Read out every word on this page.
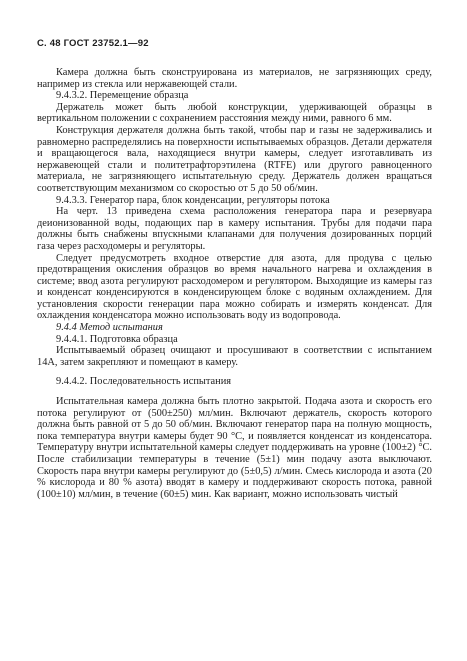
С. 48 ГОСТ 23752.1—92

Камера должна быть сконструирована из материалов, не загрязняющих среду, например из стекла или нержавеющей стали.

9.4.3.2. Перемещение образца

Держатель может быть любой конструкции, удерживающей образцы в вертикальном положении с сохранением расстояния между ними, равного 6 мм.

Конструкция держателя должна быть такой, чтобы пар и газы не задерживались и равномерно распределялись на поверхности испытываемых образцов. Детали держателя и вращающегося вала, находящиеся внутри камеры, следует изготавливать из нержавеющей стали и политетрафторэтилена (RTFE) или другого равноценного материала, не загрязняющего испытательную среду. Держатель должен вращаться соответствующим механизмом со скоростью от 5 до 50 об/мин.

9.4.3.3. Генератор пара, блок конденсации, регуляторы потока

На черт. 13 приведена схема расположения генератора пара и резервуара деионизованной воды, подающих пар в камеру испытания. Трубы для подачи пара должны быть снабжены впускными клапанами для получения дозированных порций газа через расходомеры и регуляторы.

Следует предусмотреть входное отверстие для азота, для продува с целью предотвращения окисления образцов во время начального нагрева и охлаждения в системе; ввод азота регулируют расходомером и регулятором. Выходящие из камеры газ и конденсат конденсируются в конденсирующем блоке с водяным охлаждением. Для установления скорости генерации пара можно собирать и измерять конденсат. Для охлаждения конденсатора можно использовать воду из водопровода.

9.4.4 Метод испытания

9.4.4.1. Подготовка образца

Испытываемый образец очищают и просушивают в соответствии с испытанием 14А, затем закрепляют и помещают в камеру.

9.4.4.2. Последовательность испытания

Испытательная камера должна быть плотно закрытой. Подача азота и скорость его потока регулируют от (500±250) мл/мин. Включают держатель, скорость которого должна быть равной от 5 до 50 об/мин. Включают генератор пара на полную мощность, пока температура внутри камеры будет 90 °С, и появляется конденсат из конденсатора. Температуру внутри испытательной камеры следует поддерживать на уровне (100±2) °С. После стабилизации температуры в течение (5±1) мин подачу азота выключают. Скорость пара внутри камеры регулируют до (5±0,5) л/мин. Смесь кислорода и азота (20 % кислорода и 80 % азота) вводят в камеру и поддерживают скорость потока, равной (100±10) мл/мин, в течение (60±5) мин. Как вариант, можно использовать чистый
